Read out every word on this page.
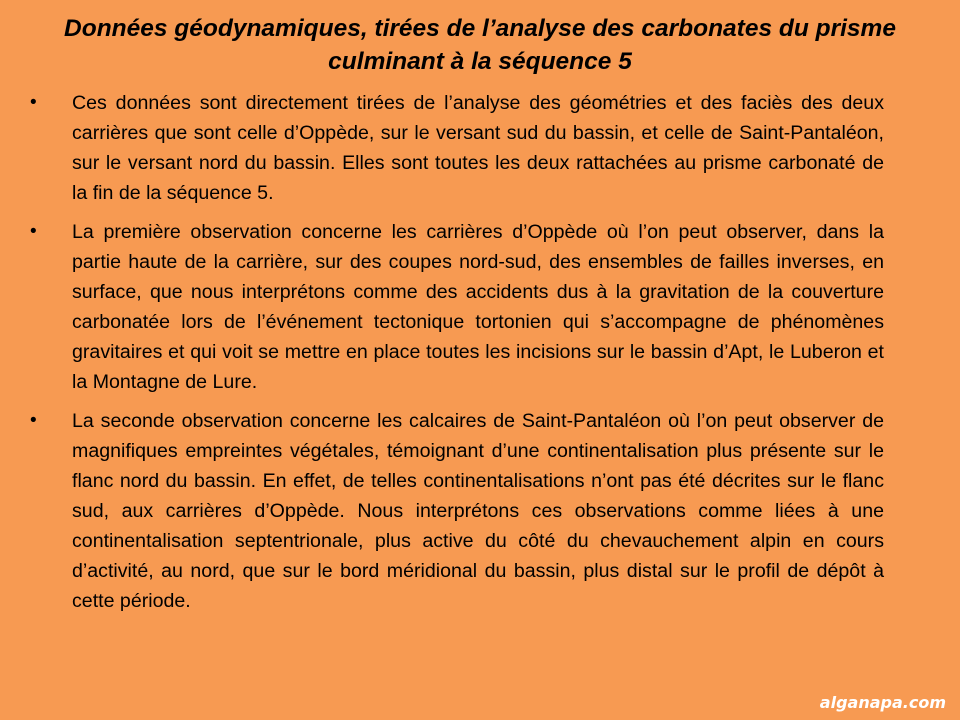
Données géodynamiques, tirées de l’analyse des carbonates du prisme culminant à la séquence 5
•	Ces données sont directement tirées de l’analyse des géométries et des faciès des deux carrières que sont celle d’Oppède, sur le versant sud du bassin, et celle de Saint-Pantaléon, sur le versant nord du bassin. Elles sont toutes les deux rattachées au prisme carbonaté de la fin de la séquence 5.
•	La première observation concerne les carrières d’Oppède où l’on peut observer, dans la partie haute de la carrière, sur des coupes nord-sud, des ensembles de failles inverses, en surface, que nous interprétons comme des accidents dus à la gravitation de la couverture carbonatée lors de l’événement tectonique tortonien qui s’accompagne de phénomènes gravitaires et qui voit se mettre en place toutes les incisions sur le bassin d’Apt, le Luberon et la Montagne de Lure.
•	La seconde observation concerne les calcaires de Saint-Pantaléon où l’on peut observer de magnifiques empreintes végétales, témoignant d’une continentalisation plus présente sur le flanc nord du bassin. En effet, de telles continentalisations n’ont pas été décrites sur le flanc sud, aux carrières d’Oppède. Nous interprétons ces observations comme liées à une continentalisation septentrionale, plus active du côté du chevauchement alpin en cours d’activité, au nord, que sur le bord méridional du bassin, plus distal sur le profil de dépôt à cette période.
alganapa.com
